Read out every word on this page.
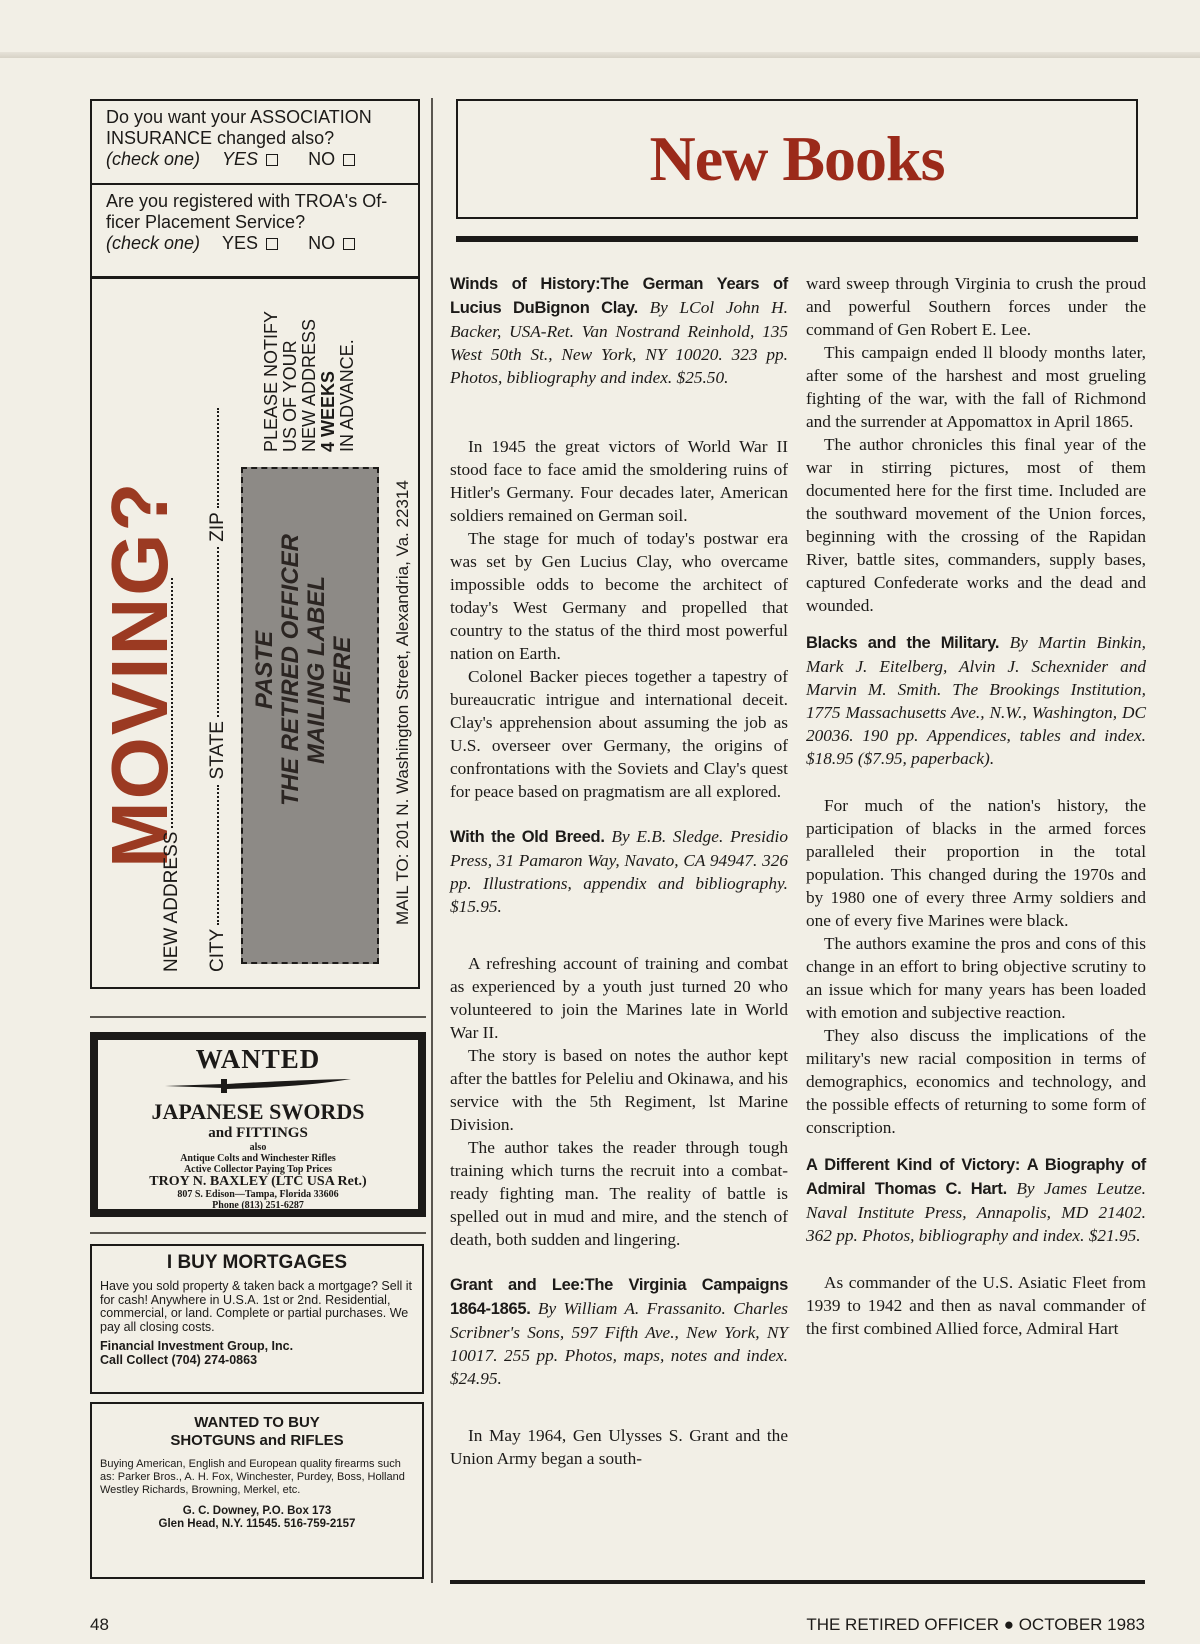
Do you want your ASSOCIATION
INSURANCE changed also?
(check one) YES	NO
Are you registered with TROA's Of-
ficer Placement Service?
(check one) YES	NO
MOVING?
NEW ADDRESS CITY STATE ZIP
PLEASE NOTIFY US OF YOUR NEW ADDRESS 4 WEEKS IN ADVANCE.
PASTE THE RETIRED OFFICER MAILING LABEL HERE MAIL TO: 201 N. Washington Street, Alexandria, Va. 22314
WANTED
JAPANESE SWORDS
and FITTINGS
also
Antique Colts and Winchester Rifles
Active Collector Paying Top Prices
TROY N. BAXLEY (LTC USA Ret.)
807 S. Edison—Tampa, Florida 33606
Phone (813) 251-6287
I BUY MORTGAGES
Have you sold property & taken back a mortgage? Sell it for cash! Anywhere in U.S.A. 1st or 2nd. Residential, commercial, or land. Complete or partial purchases. We pay all closing costs.
Financial Investment Group, Inc.
Call Collect (704) 274-0863
WANTED TO BUY
SHOTGUNS and RIFLES
Buying American, English and European quality firearms such as: Parker Bros., A. H. Fox, Winchester, Purdey, Boss, Holland Westley Richards, Browning, Merkel, etc.
G. C. Downey, P.O. Box 173
Glen Head, N.Y. 11545. 516-759-2157
New Books

Winds of History:The German Years of Lucius DuBignon Clay. By LCol John H. Backer, USA-Ret. Van Nostrand Reinhold, 135 West 50th St., New York, NY 10020. 323 pp. Photos, bibliography and index. $25.50.

In 1945 the great victors of World War II stood face to face amid the smoldering ruins of Hitler's Germany. Four decades later, American soldiers remained on German soil.

The stage for much of today's postwar era was set by Gen Lucius Clay, who overcame impossible odds to become the architect of today's West Germany and propelled that country to the status of the third most powerful nation on Earth.

Colonel Backer pieces together a tapestry of bureaucratic intrigue and international deceit. Clay's apprehension about assuming the job as U.S. overseer over Germany, the origins of confrontations with the Soviets and Clay's quest for peace based on pragmatism are all explored.

With the Old Breed. By E.B. Sledge. Presidio Press, 31 Pamaron Way, Navato, CA 94947. 326 pp. Illustrations, appendix and bibliography. $15.95.

A refreshing account of training and combat as experienced by a youth just turned 20 who volunteered to join the Marines late in World War II.

The story is based on notes the author kept after the battles for Peleliu and Okinawa, and his service with the 5th Regiment, lst Marine Division.

The author takes the reader through tough training which turns the recruit into a combat-ready fighting man. The reality of battle is spelled out in mud and mire, and the stench of death, both sudden and lingering.

Grant and Lee:The Virginia Campaigns 1864-1865. By William A. Frassanito. Charles Scribner's Sons, 597 Fifth Ave., New York, NY 10017. 255 pp. Photos, maps, notes and index. $24.95.

In May 1964, Gen Ulysses S. Grant and the Union Army began a south-

ward sweep through Virginia to crush the proud and powerful Southern forces under the command of Gen Robert E. Lee.

This campaign ended ll bloody months later, after some of the harshest and most grueling fighting of the war, with the fall of Richmond and the surrender at Appomattox in April 1865.

The author chronicles this final year of the war in stirring pictures, most of them documented here for the first time. Included are the southward movement of the Union forces, beginning with the crossing of the Rapidan River, battle sites, commanders, supply bases, captured Confederate works and the dead and wounded.

Blacks and the Military. By Martin Binkin, Mark J. Eitelberg, Alvin J. Schexnider and Marvin M. Smith. The Brookings Institution, 1775 Massachusetts Ave., N.W., Washington, DC 20036. 190 pp. Appendices, tables and index. $18.95 ($7.95, paperback).

For much of the nation's history, the participation of blacks in the armed forces paralleled their proportion in the total population. This changed during the 1970s and by 1980 one of every three Army soldiers and one of every five Marines were black.

The authors examine the pros and cons of this change in an effort to bring objective scrutiny to an issue which for many years has been loaded with emotion and subjective reaction.

They also discuss the implications of the military's new racial composition in terms of demographics, economics and technology, and the possible effects of returning to some form of conscription.

A Different Kind of Victory: A Biography of Admiral Thomas C. Hart. By James Leutze. Naval Institute Press, Annapolis, MD 21402. 362 pp. Photos, bibliography and index. $21.95.

As commander of the U.S. Asiatic Fleet from 1939 to 1942 and then as naval commander of the first combined Allied force, Admiral Hart

48	THE RETIRED OFFICER ● OCTOBER 1983
